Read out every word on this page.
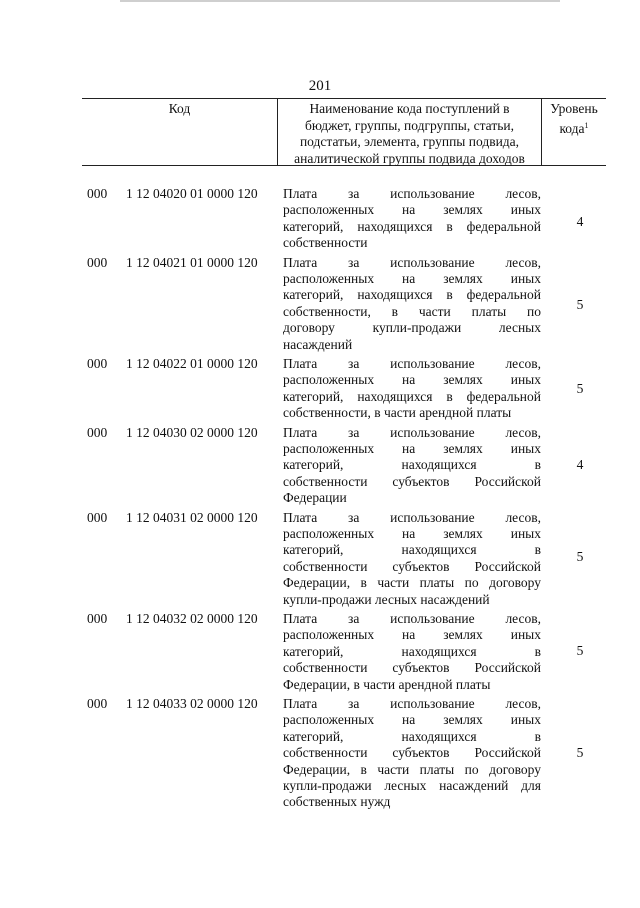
201
Код	Наименование кода поступлений в
бюджет, группы, подгруппы, статьи,
подстатьи, элемента, группы подвида,
аналитической группы подвида доходов
Уровень
кода$^1$
000 1 12 04020 01 0000 120 Плата за использование лесов,
расположенных на землях иных
категорий, находящихся в федеральной
собственности
4
000 1 12 04021 01 0000 120 Плата за использование лесов,
расположенных на землях иных
категорий, находящихся в федеральной
собственности, в части платы по
договору купли-продажи лесных
насаждений
5
000 1 12 04022 01 0000 120 Плата за использование лесов,
расположенных на землях иных
категорий, находящихся в федеральной
собственности, в части арендной платы
5
000 1 12 04030 02 0000 120 Плата за использование лесов,
расположенных на землях иных
категорий, находящихся в
собственности субъектов Российской
Федерации
4
000 1 12 04031 02 0000 120 Плата за использование лесов,
расположенных на землях иных
категорий, находящихся в
собственности субъектов Российской
Федерации, в части платы по договору
купли-продажи лесных насаждений
5
000 1 12 04032 02 0000 120 Плата за использование лесов,
расположенных на землях иных
категорий, находящихся в
собственности субъектов Российской
Федерации, в части арендной платы
5
000 1 12 04033 02 0000 120 Плата за использование лесов,
расположенных на землях иных
категорий, находящихся в
собственности субъектов Российской
Федерации, в части платы по договору
купли-продажи лесных насаждений для
собственных нужд
5
